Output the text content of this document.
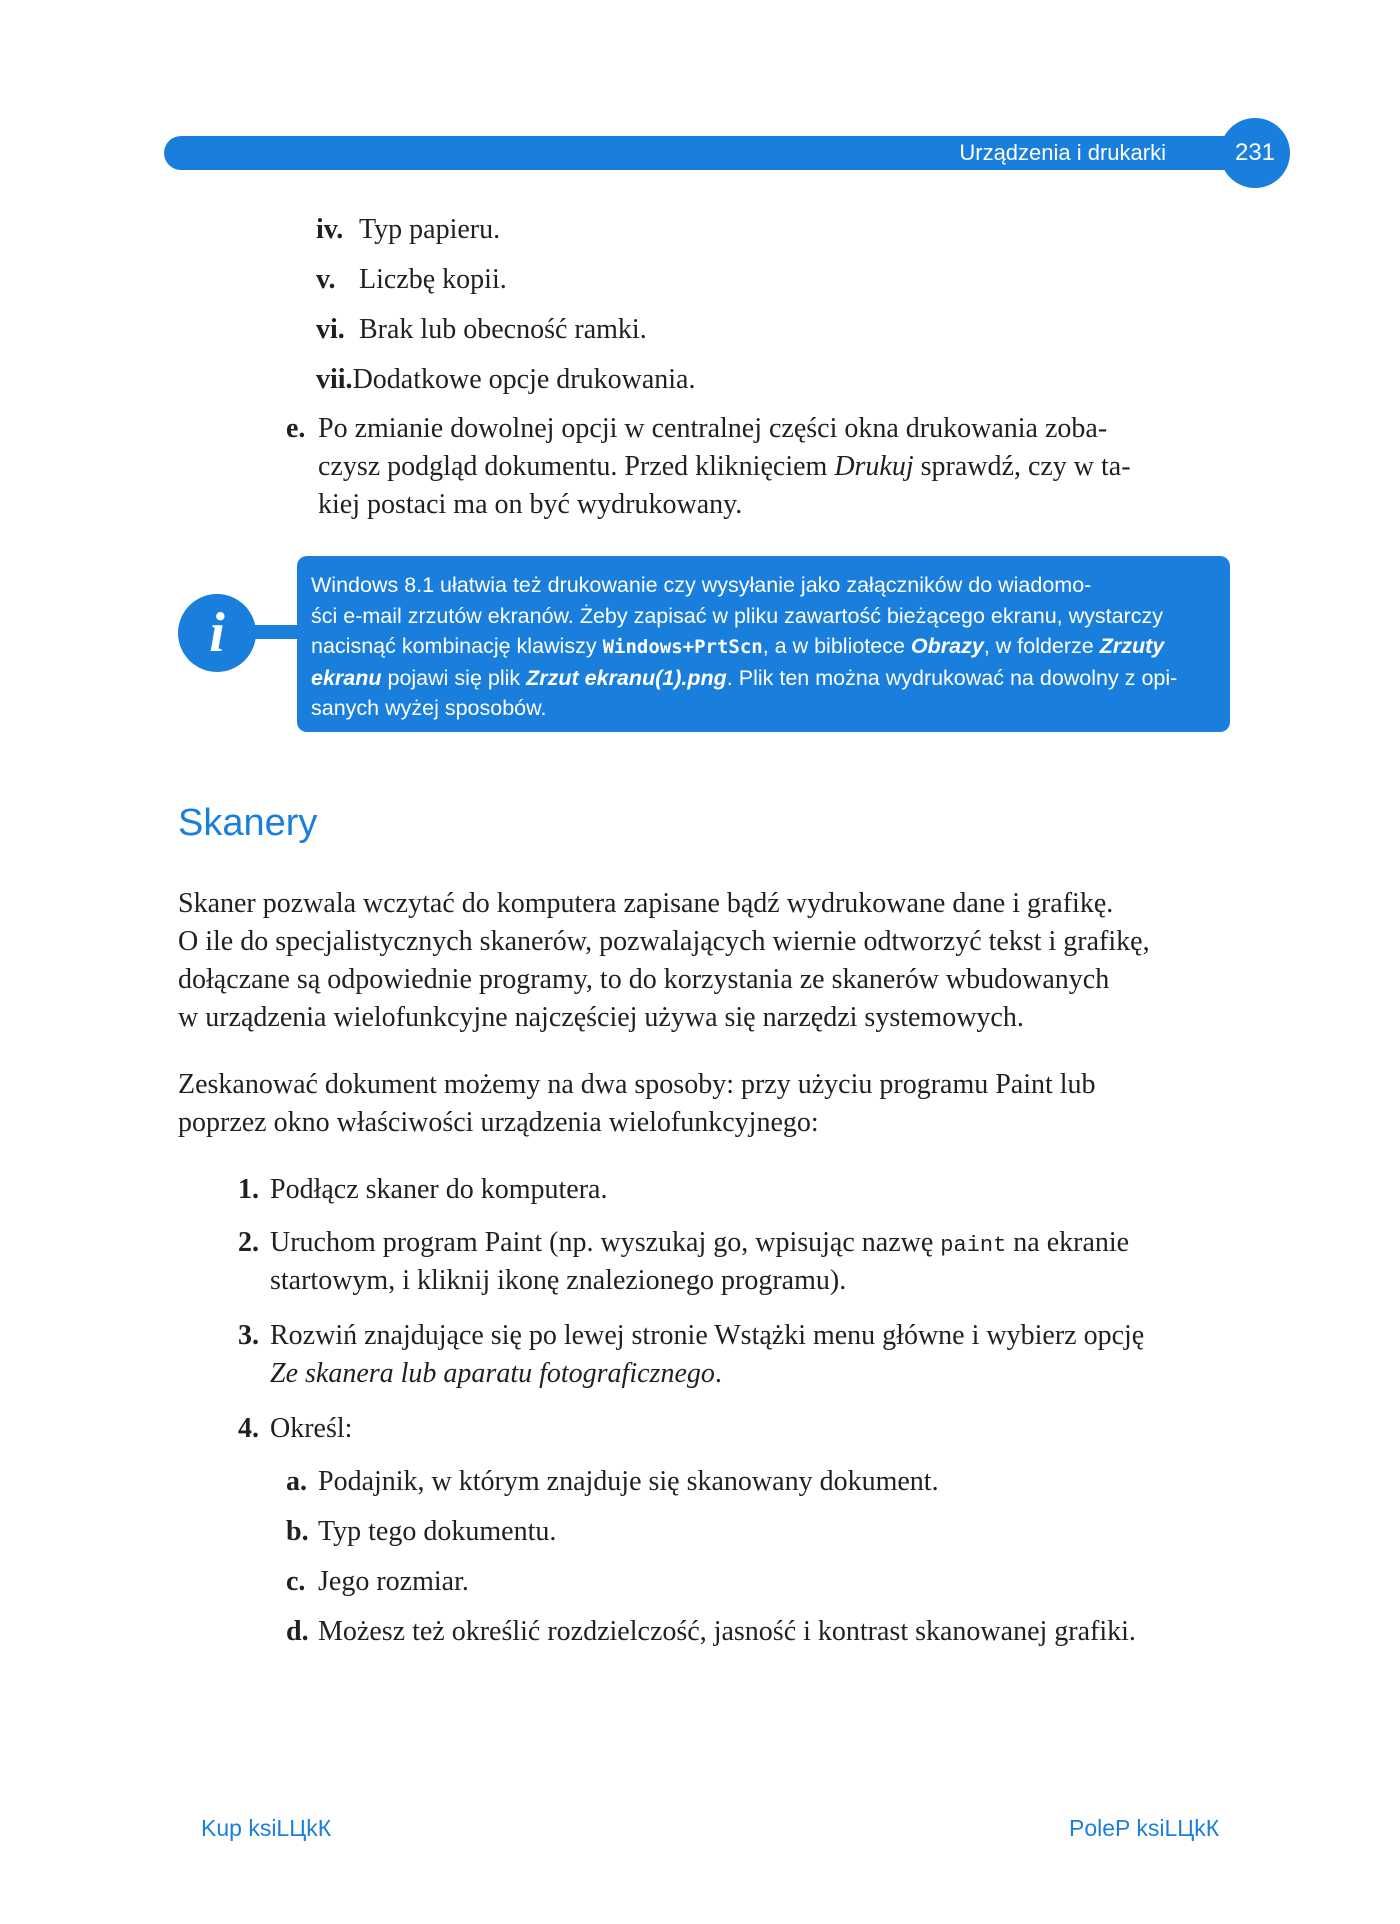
Urządzenia i drukarki	231
iv. Typ papieru.
v. Liczbę kopii.
vi. Brak lub obecność ramki.
vii.Dodatkowe opcje drukowania.
e. Po zmianie dowolnej opcji w centralnej części okna drukowania zoba-
czysz podgląd dokumentu. Przed kliknięciem Drukuj sprawdź, czy w ta-
kiej postaci ma on być wydrukowany.
i
Windows 8.1 ułatwia też drukowanie czy wysyłanie jako załączników do wiadomo-
ści e-mail zrzutów ekranów. Żeby zapisać w pliku zawartość bieżącego ekranu, wystarczy
nacisnąć kombinację klawiszy Windows+PrtScn, a w bibliotece Obrazy, w folderze Zrzuty
ekranu pojawi się plik Zrzut ekranu(1).png. Plik ten można wydrukować na dowolny z opi-
sanych wyżej sposobów.
Skanery
Skaner pozwala wczytać do komputera zapisane bądź wydrukowane dane i grafikę.
O ile do specjalistycznych skanerów, pozwalających wiernie odtworzyć tekst i grafikę,
dołączane są odpowiednie programy, to do korzystania ze skanerów wbudowanych
w urządzenia wielofunkcyjne najczęściej używa się narzędzi systemowych.
Zeskanować dokument możemy na dwa sposoby: przy użyciu programu Paint lub
poprzez okno właściwości urządzenia wielofunkcyjnego:
1. Podłącz skaner do komputera.
2. Uruchom program Paint (np. wyszukaj go, wpisując nazwę paint na ekranie
startowym, i kliknij ikonę znalezionego programu).
3. Rozwiń znajdujące się po lewej stronie Wstążki menu główne i wybierz opcję
Ze skanera lub aparatu fotograficznego.
4. Określ:
a. Podajnik, w którym znajduje się skanowany dokument.
b. Typ tego dokumentu.
c. Jego rozmiar.
d. Możesz też określić rozdzielczość, jasność i kontrast skanowanej grafiki.
Kup ksiLЦkК	PoleP ksiLЦkК
